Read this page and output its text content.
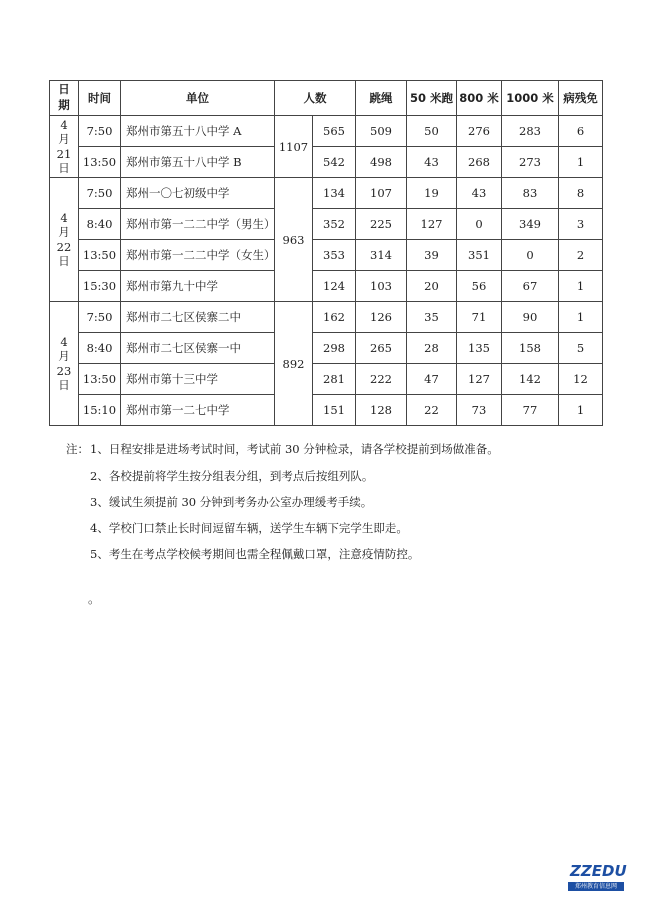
日
期	时间	单位	人数		跳绳	50 米跑	800 米	1000 米	病残免

4
月
21
日	7:50	郑州市第五十八中学 A	1107	565	509	50	276	283	6
	13:50	郑州市第五十八中学 B		542	498	43	268	273	1

4
月
22
日	7:50	郑州一〇七初级中学	963	134	107	19	43	83	8
	8:40	郑州市第一二二中学（男生）		352	225	127	0	349	3
	13:50	郑州市第一二二中学（女生）		353	314	39	351	0	2
	15:30	郑州市第九十中学		124	103	20	56	67	1

4
月
23
日	7:50	郑州市二七区侯寨二中	892	162	126	35	71	90	1
	8:40	郑州市二七区侯寨一中		298	265	28	135	158	5
	13:50	郑州市第十三中学		281	222	47	127	142	12
	15:10	郑州市第一二七中学		151	128	22	73	77	1
注： 1、日程安排是进场考试时间，考试前 30 分钟检录，请各学校提前到场做准备。
2、各校提前将学生按分组表分组，到考点后按组列队。
3、缓试生须提前 30 分钟到考务办公室办理缓考手续。
4、学校门口禁止长时间逗留车辆，送学生车辆下完学生即走。
5、考生在考点学校候考期间也需全程佩戴口罩，注意疫情防控。
。
ZZEDU
郑州教育信息网
